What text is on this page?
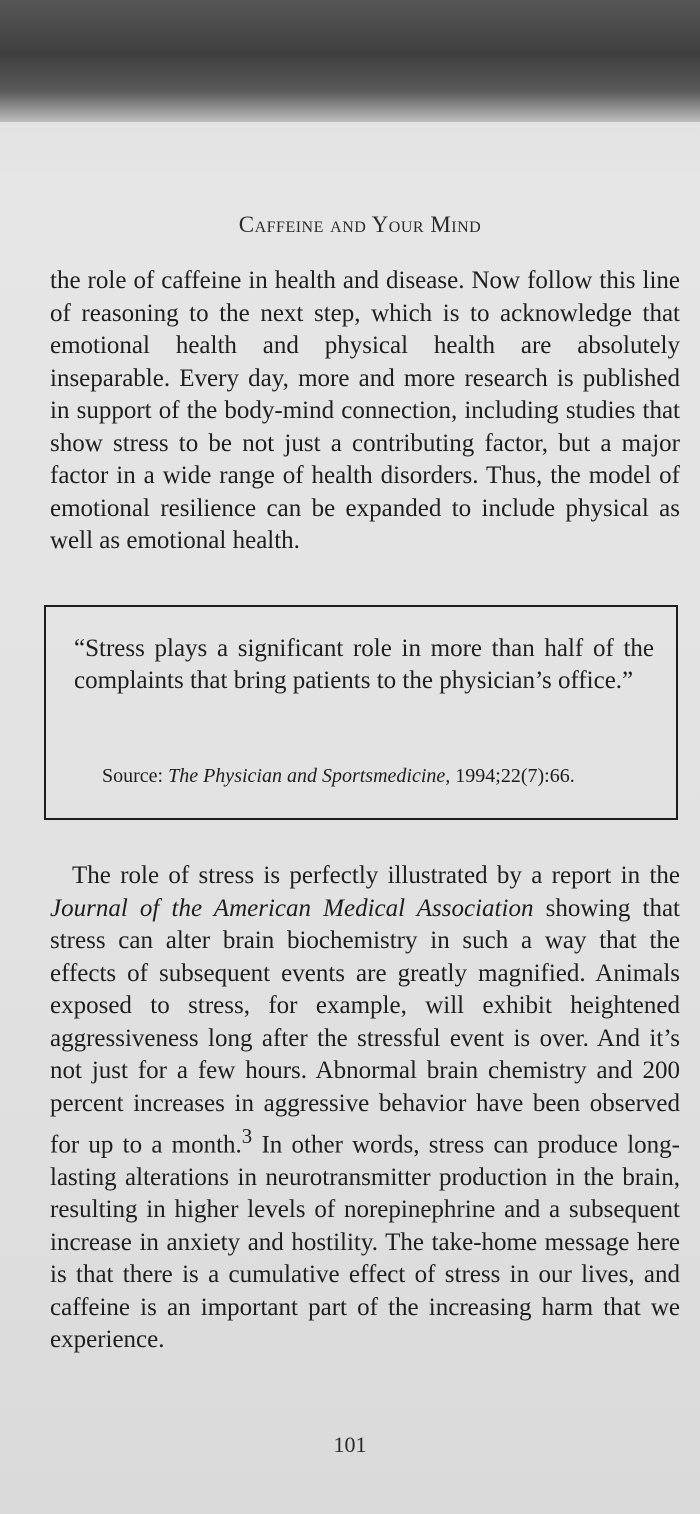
Caffeine and Your Mind

the role of caffeine in health and disease. Now follow this line of reasoning to the next step, which is to acknowledge that emotional health and physical health are absolutely inseparable. Every day, more and more research is published in support of the body-mind connection, including studies that show stress to be not just a contributing factor, but a major factor in a wide range of health disorders. Thus, the model of emotional resilience can be expanded to include physical as well as emotional health.

“Stress plays a significant role in more than half of the complaints that bring patients to the physician’s office.”

Source: The Physician and Sportsmedicine, 1994;22(7):66.

The role of stress is perfectly illustrated by a report in the Journal of the American Medical Association showing that stress can alter brain biochemistry in such a way that the effects of subsequent events are greatly magnified. Animals exposed to stress, for example, will exhibit heightened aggressiveness long after the stressful event is over. And it’s not just for a few hours. Abnormal brain chemistry and 200 percent increases in aggressive behavior have been observed for up to a month.$^3$ In other words, stress can produce long-lasting alterations in neurotransmitter production in the brain, resulting in higher levels of norepinephrine and a subsequent increase in anxiety and hostility. The take-home message here is that there is a cumulative effect of stress in our lives, and caffeine is an important part of the increasing harm that we experience.

101
